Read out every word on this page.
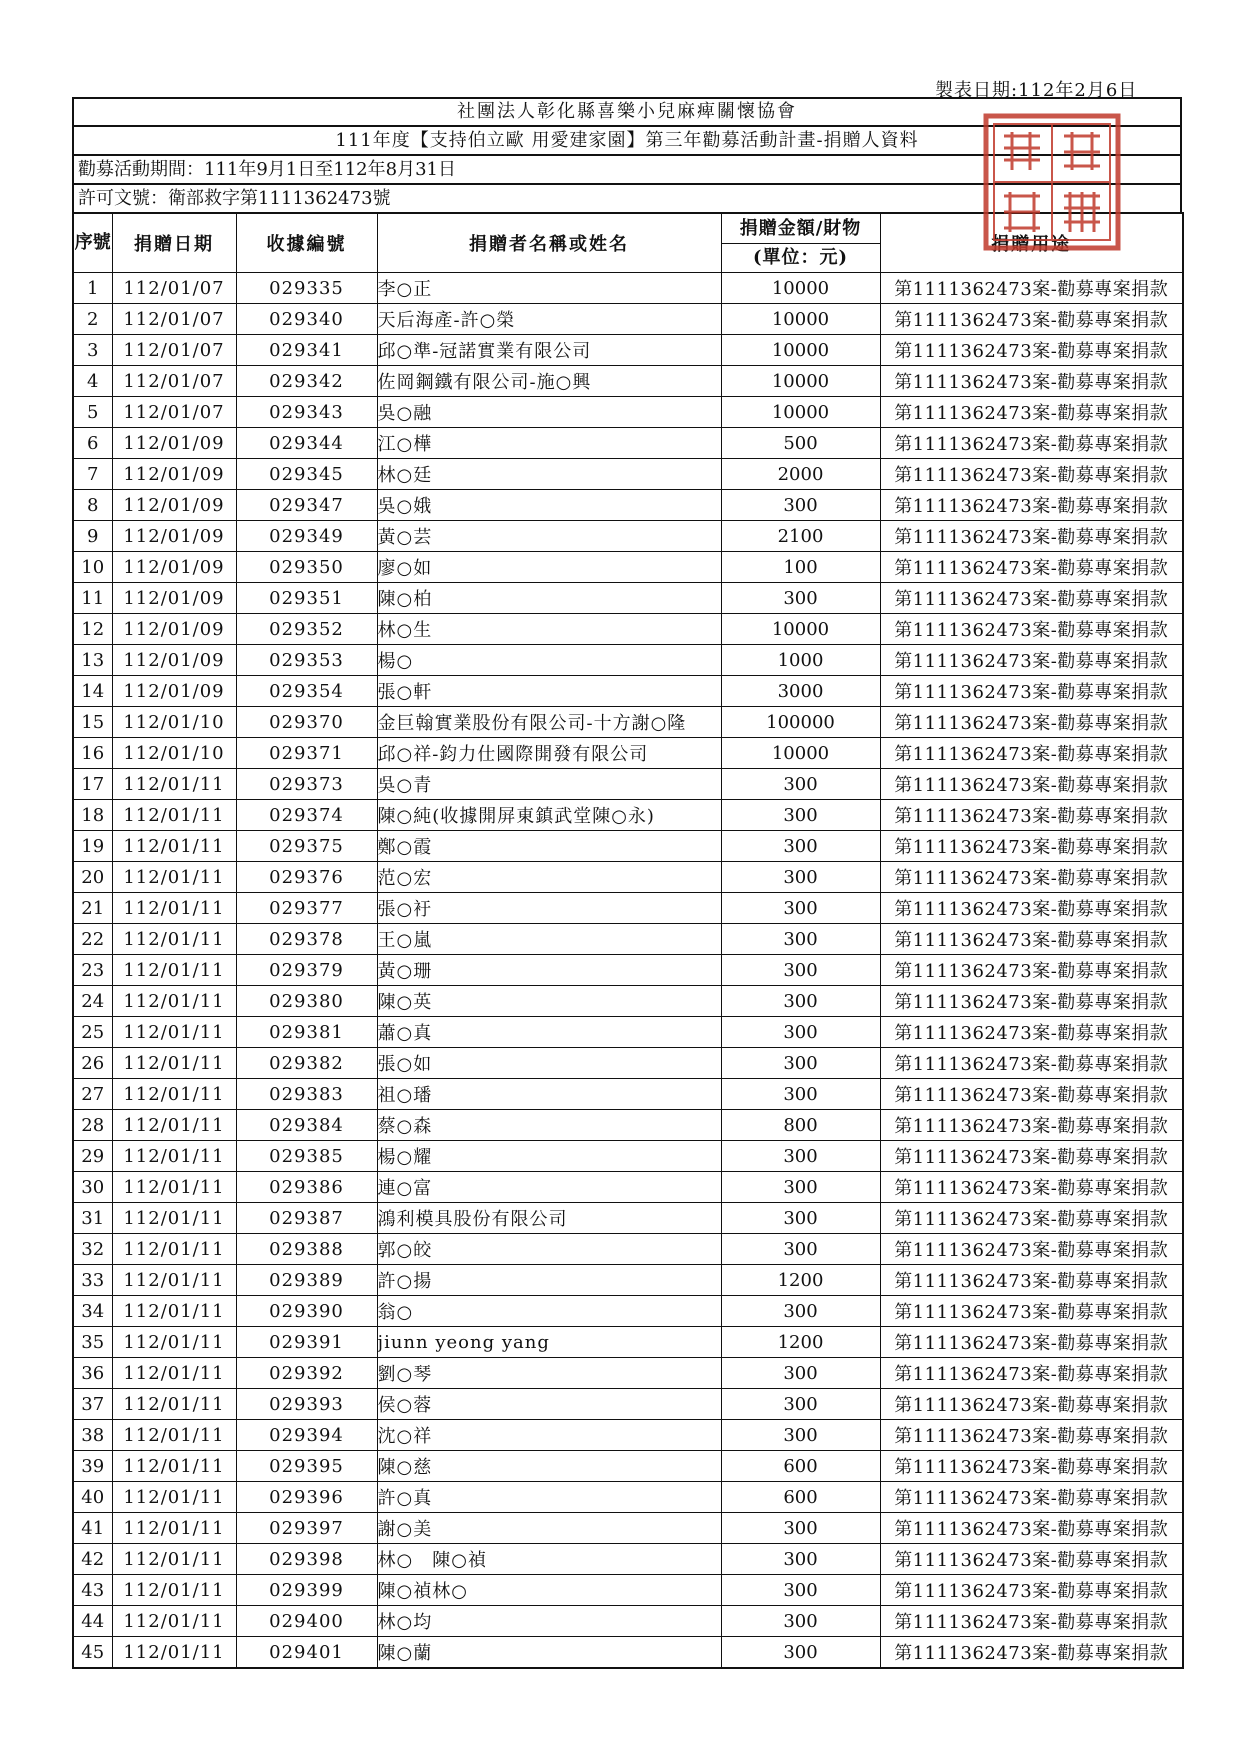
製表日期:112年2月6日
社團法人彰化縣喜樂小兒麻痺關懷協會
111年度【支持伯立歐 用愛建家園】第三年勸募活動計畫-捐贈人資料
勸募活動期間：111年9月1日至112年8月31日
許可文號：衛部救字第1111362473號
序號	捐贈日期	收據編號	捐贈者名稱或姓名	捐贈金額/財物
(單位：元)	捐贈用途
1	112/01/07	029335	李○正	10000	第1111362473案-勸募專案捐款
2	112/01/07	029340	天后海產-許○榮	10000	第1111362473案-勸募專案捐款
3	112/01/07	029341	邱○準-冠諾實業有限公司	10000	第1111362473案-勸募專案捐款
4	112/01/07	029342	佐岡鋼鐵有限公司-施○興	10000	第1111362473案-勸募專案捐款
5	112/01/07	029343	吳○融	10000	第1111362473案-勸募專案捐款
6	112/01/09	029344	江○樺	500	第1111362473案-勸募專案捐款
7	112/01/09	029345	林○廷	2000	第1111362473案-勸募專案捐款
8	112/01/09	029347	吳○娥	300	第1111362473案-勸募專案捐款
9	112/01/09	029349	黃○芸	2100	第1111362473案-勸募專案捐款
10	112/01/09	029350	廖○如	100	第1111362473案-勸募專案捐款
11	112/01/09	029351	陳○柏	300	第1111362473案-勸募專案捐款
12	112/01/09	029352	林○生	10000	第1111362473案-勸募專案捐款
13	112/01/09	029353	楊○	1000	第1111362473案-勸募專案捐款
14	112/01/09	029354	張○軒	3000	第1111362473案-勸募專案捐款
15	112/01/10	029370	金巨翰實業股份有限公司-十方謝○隆	100000	第1111362473案-勸募專案捐款
16	112/01/10	029371	邱○祥-鈞力仕國際開發有限公司	10000	第1111362473案-勸募專案捐款
17	112/01/11	029373	吳○青	300	第1111362473案-勸募專案捐款
18	112/01/11	029374	陳○純(收據開屏東鎮武堂陳○永)	300	第1111362473案-勸募專案捐款
19	112/01/11	029375	鄭○霞	300	第1111362473案-勸募專案捐款
20	112/01/11	029376	范○宏	300	第1111362473案-勸募專案捐款
21	112/01/11	029377	張○衧	300	第1111362473案-勸募專案捐款
22	112/01/11	029378	王○嵐	300	第1111362473案-勸募專案捐款
23	112/01/11	029379	黃○珊	300	第1111362473案-勸募專案捐款
24	112/01/11	029380	陳○英	300	第1111362473案-勸募專案捐款
25	112/01/11	029381	蕭○真	300	第1111362473案-勸募專案捐款
26	112/01/11	029382	張○如	300	第1111362473案-勸募專案捐款
27	112/01/11	029383	祖○璠	300	第1111362473案-勸募專案捐款
28	112/01/11	029384	蔡○森	800	第1111362473案-勸募專案捐款
29	112/01/11	029385	楊○耀	300	第1111362473案-勸募專案捐款
30	112/01/11	029386	連○富	300	第1111362473案-勸募專案捐款
31	112/01/11	029387	鴻利模具股份有限公司	300	第1111362473案-勸募專案捐款
32	112/01/11	029388	郭○皎	300	第1111362473案-勸募專案捐款
33	112/01/11	029389	許○揚	1200	第1111362473案-勸募專案捐款
34	112/01/11	029390	翁○	300	第1111362473案-勸募專案捐款
35	112/01/11	029391	jiunn yeong yang	1200	第1111362473案-勸募專案捐款
36	112/01/11	029392	劉○琴	300	第1111362473案-勸募專案捐款
37	112/01/11	029393	侯○蓉	300	第1111362473案-勸募專案捐款
38	112/01/11	029394	沈○祥	300	第1111362473案-勸募專案捐款
39	112/01/11	029395	陳○慈	600	第1111362473案-勸募專案捐款
40	112/01/11	029396	許○真	600	第1111362473案-勸募專案捐款
41	112/01/11	029397	謝○美	300	第1111362473案-勸募專案捐款
42	112/01/11	029398	林○　陳○禎	300	第1111362473案-勸募專案捐款
43	112/01/11	029399	陳○禎林○	300	第1111362473案-勸募專案捐款
44	112/01/11	029400	林○均	300	第1111362473案-勸募專案捐款
45	112/01/11	029401	陳○蘭	300	第1111362473案-勸募專案捐款
